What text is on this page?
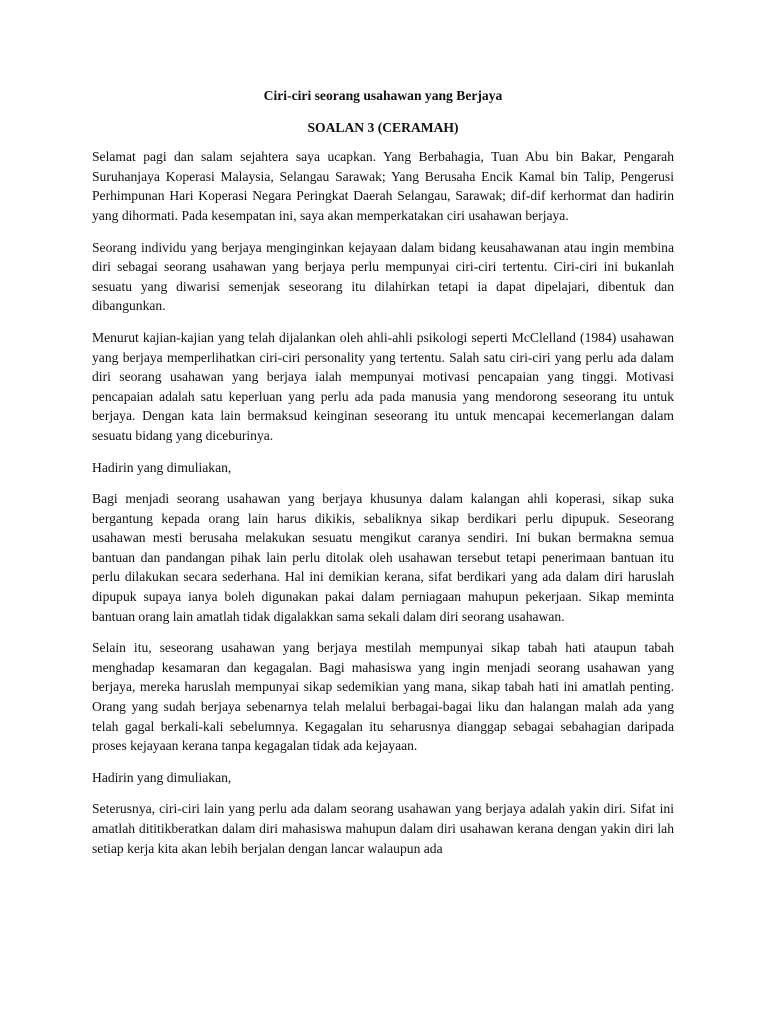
Ciri-ciri seorang usahawan yang Berjaya

SOALAN 3 (CERAMAH)

Selamat pagi dan salam sejahtera saya ucapkan. Yang Berbahagia, Tuan Abu bin Bakar, Pengarah Suruhanjaya Koperasi Malaysia, Selangau Sarawak; Yang Berusaha Encik Kamal bin Talip, Pengerusi Perhimpunan Hari Koperasi Negara Peringkat Daerah Selangau, Sarawak; dif-dif kerhormat dan hadirin yang dihormati. Pada kesempatan ini, saya akan memperkatakan ciri usahawan berjaya.

Seorang individu yang berjaya menginginkan kejayaan dalam bidang keusahawanan atau ingin membina diri sebagai seorang usahawan yang berjaya perlu mempunyai ciri-ciri tertentu. Ciri-ciri ini bukanlah sesuatu yang diwarisi semenjak seseorang itu dilahirkan tetapi ia dapat dipelajari, dibentuk dan dibangunkan.

Menurut kajian-kajian yang telah dijalankan oleh ahli-ahli psikologi seperti McClelland (1984) usahawan yang berjaya memperlihatkan ciri-ciri personality yang tertentu. Salah satu ciri-ciri yang perlu ada dalam diri seorang usahawan yang berjaya ialah mempunyai motivasi pencapaian yang tinggi. Motivasi pencapaian adalah satu keperluan yang perlu ada pada manusia yang mendorong seseorang itu untuk berjaya. Dengan kata lain bermaksud keinginan seseorang itu untuk mencapai kecemerlangan dalam sesuatu bidang yang diceburinya.

Hadirin yang dimuliakan,

Bagi menjadi seorang usahawan yang berjaya khusunya dalam kalangan ahli koperasi, sikap suka bergantung kepada orang lain harus dikikis, sebaliknya sikap berdikari perlu dipupuk. Seseorang usahawan mesti berusaha melakukan sesuatu mengikut caranya sendiri. Ini bukan bermakna semua bantuan dan pandangan pihak lain perlu ditolak oleh usahawan tersebut tetapi penerimaan bantuan itu perlu dilakukan secara sederhana. Hal ini demikian kerana, sifat berdikari yang ada dalam diri haruslah dipupuk supaya ianya boleh digunakan pakai dalam perniagaan mahupun pekerjaan. Sikap meminta bantuan orang lain amatlah tidak digalakkan sama sekali dalam diri seorang usahawan.

Selain itu, seseorang usahawan yang berjaya mestilah mempunyai sikap tabah hati ataupun tabah menghadap kesamaran dan kegagalan. Bagi mahasiswa yang ingin menjadi seorang usahawan yang berjaya, mereka haruslah mempunyai sikap sedemikian yang mana, sikap tabah hati ini amatlah penting. Orang yang sudah berjaya sebenarnya telah melalui berbagai-bagai liku dan halangan malah ada yang telah gagal berkali-kali sebelumnya. Kegagalan itu seharusnya dianggap sebagai sebahagian daripada proses kejayaan kerana tanpa kegagalan tidak ada kejayaan.

Hadirin yang dimuliakan,

Seterusnya, ciri-ciri lain yang perlu ada dalam seorang usahawan yang berjaya adalah yakin diri. Sifat ini amatlah dititikberatkan dalam diri mahasiswa mahupun dalam diri usahawan kerana dengan yakin diri lah setiap kerja kita akan lebih berjalan dengan lancar walaupun ada
